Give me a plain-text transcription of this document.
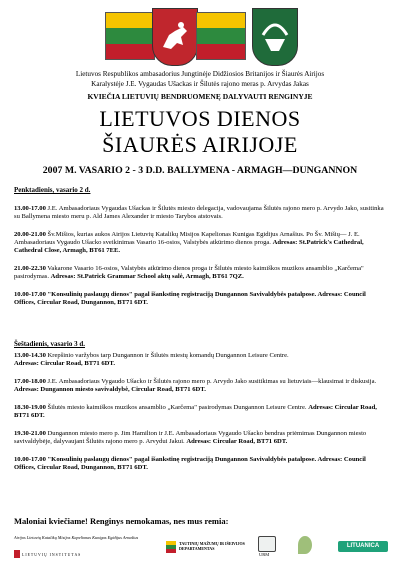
Lietuvos Respublikos ambasadorius Jungtinėje Didžiosios Britanijos ir Šiaurės Airijos
Karalystėje J.E. Vygaudas Ušackas ir Šilutės rajono meras p. Arvydas Jakas
KVIEČIA LIETUVIŲ BENDRUOMENĘ DALYVAUTI RENGINYJE
LIETUVOS DIENOS
ŠIAURĖS AIRIJOJE
2007 M. VASARIO 2 - 3 D.D. BALLYMENA - ARMAGH—DUNGANNON
Penktadienis, vasario 2 d.
13.00-17.00 J.E. Ambasadoriaus Vygaudas Ušackas ir Šilutės miesto delegacija, vadovaujama Šilutės rajono mero p. Arvydo Jako, susitinka su Ballymena miesto meru p. Ald James Alexander ir miesto Tarybos atstovais.
20.00-21.00 Šv.Mišios, kurias aukos Airijos Lietuvių Katalikų Misijos Kapelionas Kunigas Egidijus Arnašius. Po Šv. Mišių— J. E. Ambasadoriaus Vygaudo Ušacko sveikinimas Vasario 16-osios, Valstybės atkūrimo dienos proga. Adresas: St.Patrick's Cathedral, Cathedral Close, Armagh, BT61 7EE.
21.00-22.30 Vakarone Vasario 16-osios, Valstybės atkūrimo dienos proga ir Šilutės miesto kaimiškos muzikos ansamblio „Karčema" pasirodymas. Adresas: St.Patrick Grammar School aktų salė, Armagh, BT61 7QZ.
10.00-17.00 "Konsulinių paslaugų dienos" pagal išankstinę registraciją Dungannon Savivaldybės patalpose. Adresas: Council Offices, Circular Road, Dungannon, BT71 6DT.
Šeštadienis, vasario 3 d.
13.00-14.30 Krepšinio varžybos tarp Dungannon ir Šilutės miestų komandų Dungannon Leisure Centre.
Adresas: Circular Road, BT71 6DT.
17.00-18.00 J.E. Ambasadoriaus Vygaudo Ušacko ir Šilutės rajono mero p. Arvydo Jako susitikimas su lietuviais—klausimai ir diskusija. Adresas: Dungannon miesto savivaldybė, Circular Road, BT71 6DT.
18.30-19.00 Šilutės miesto kaimiškos muzikos ansamblio „Karčema" pasirodymas Dungannon Leisure Centre. Adresas: Circular Road, BT71 6DT.
19.30-21.00 Dungannon miesto mero p. Jim Hamilton ir J.E. Ambasadoriaus Vygaudo Ušacko bendras priėmimas Dungannon miesto savivaldybėje, dalyvaujant Šilutės rajono mero p. Arvydui Jakui. Adresas: Circular Road, BT71 6DT.
10.00-17.00 "Konsulinių paslaugų dienos" pagal išankstinę registraciją Dungannon Savivaldybės patalpose. Adresas: Council Offices, Circular Road, Dungannon, BT71 6DT.
Maloniai kviečiame! Renginys nemokamas, nes mus remia:
Airijos Lietuvių Katalikų Misijos Kapelionas Kunigas Egidijus Arnašius
LIETUVIŲ INSTITUTAS
TAUTINIŲ MAŽUMŲ IR IŠEIVIJOS DEPARTAMENTAS
URM
LITUANICA
